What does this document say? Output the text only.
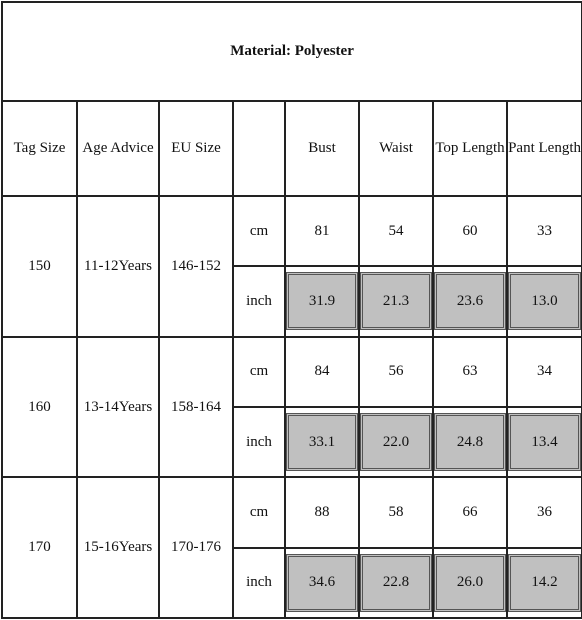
Material: Polyester							
Tag Size	Age Advice	EU Size		Bust	Waist	Top Length	Pant Length
150	11-12Years	146-152	cm	81	54	60	33
			inch	31.9	21.3	23.6	13.0

160	13-14Years	158-164	cm	84	56	63	34
			inch	33.1	22.0	24.8	13.4

170	15-16Years	170-176	cm	88	58	66	36
			inch	34.6	22.8	26.0	14.2
